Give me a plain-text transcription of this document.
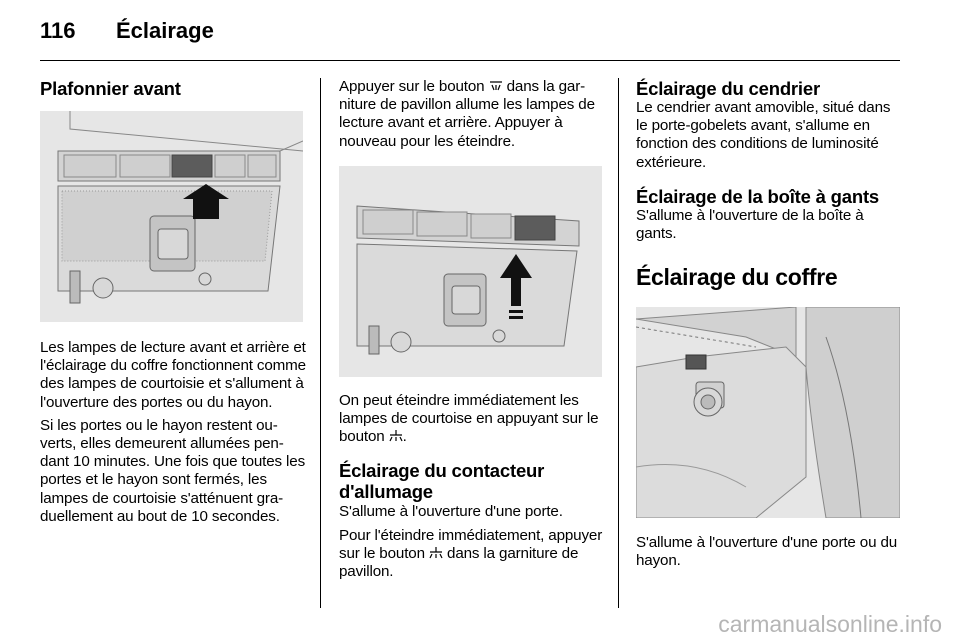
116	Éclairage
Plafonnier avant

Les lampes de lecture avant et arrière et l'éclairage du coffre fonctionnent comme des lampes de courtoisie et s'allument à l'ouverture des portes ou du hayon.

Si les portes ou le hayon restent ouverts, elles demeurent allumées pendant 10 minutes. Une fois que toutes les portes et le hayon sont fermés, les lampes de courtoisie s'atténuent graduellement au bout de 10 secondes.

Appuyer sur le bouton dans la garniture de pavillon allume les lampes de lecture avant et arrière. Appuyer à nouveau pour les éteindre.

On peut éteindre immédiatement les lampes de courtoise en appuyant sur le bouton .

Éclairage du contacteur d'allumage

S'allume à l'ouverture d'une porte.

Pour l'éteindre immédiatement, appuyer sur le bouton dans la garniture de pavillon.

Éclairage du cendrier

Le cendrier avant amovible, situé dans le porte-gobelets avant, s'allume en fonction des conditions de luminosité extérieure.

Éclairage de la boîte à gants

S'allume à l'ouverture de la boîte à gants.

Éclairage du coffre

S'allume à l'ouverture d'une porte ou du hayon.

carmanualsonline.info
